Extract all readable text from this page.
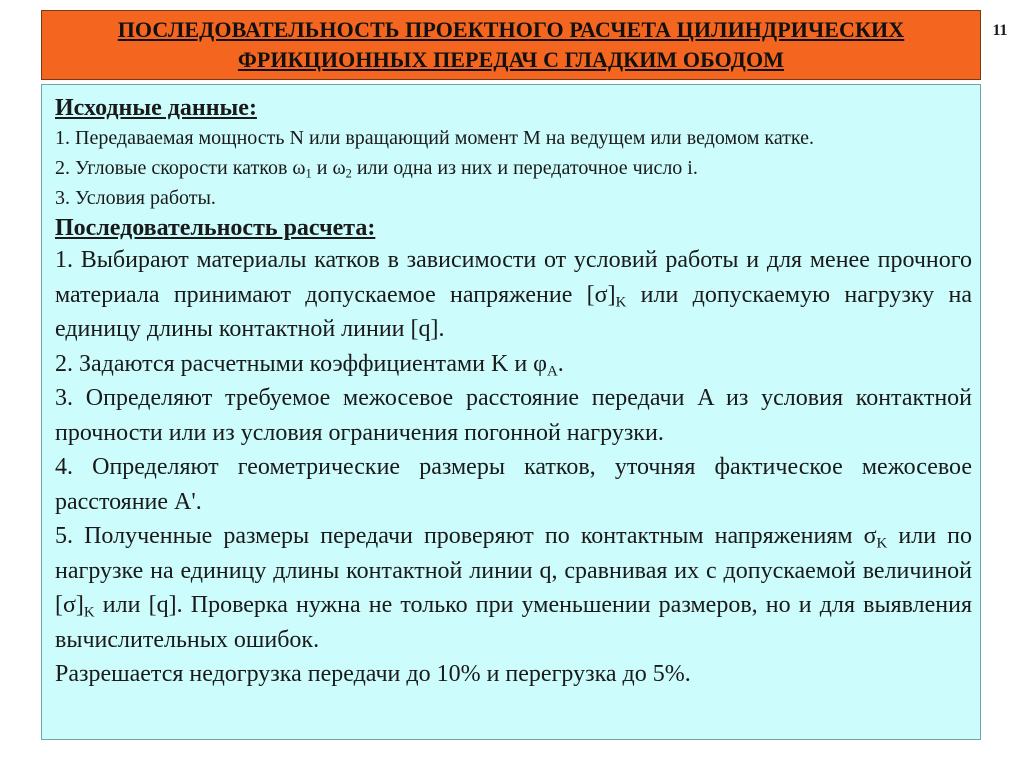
11
ПОСЛЕДОВАТЕЛЬНОСТЬ ПРОЕКТНОГО РАСЧЕТА ЦИЛИНДРИЧЕСКИХ
ФРИКЦИОННЫХ ПЕРЕДАЧ С ГЛАДКИМ ОБОДОМ

Исходные данные:

1. Передаваемая мощность N или вращающий момент M на ведущем или ведомом катке.

2. Угловые скорости катков $\omega_1$ и $\omega_2$ или одна из них и передаточное число i.

3. Условия работы.

Последовательность расчета:

1. Выбирают материалы катков в зависимости от условий работы и для менее прочного материала принимают допускаемое напряжение $[\sigma]_K$ или допускаемую нагрузку на единицу длины контактной линии [q].

2. Задаются расчетными коэффициентами K и $\varphi_A$.

3. Определяют требуемое межосевое расстояние передачи A из условия контактной прочности или из условия ограничения погонной нагрузки.

4. Определяют геометрические размеры катков, уточняя фактическое межосевое расстояние A'.

5. Полученные размеры передачи проверяют по контактным напряжениям $\sigma_K$ или по нагрузке на единицу длины контактной линии q, сравнивая их с допускаемой величиной $[\sigma]_K$ или [q]. Проверка нужна не только при уменьшении размеров, но и для выявления вычислительных ошибок.

Разрешается недогрузка передачи до 10% и перегрузка до 5%.
